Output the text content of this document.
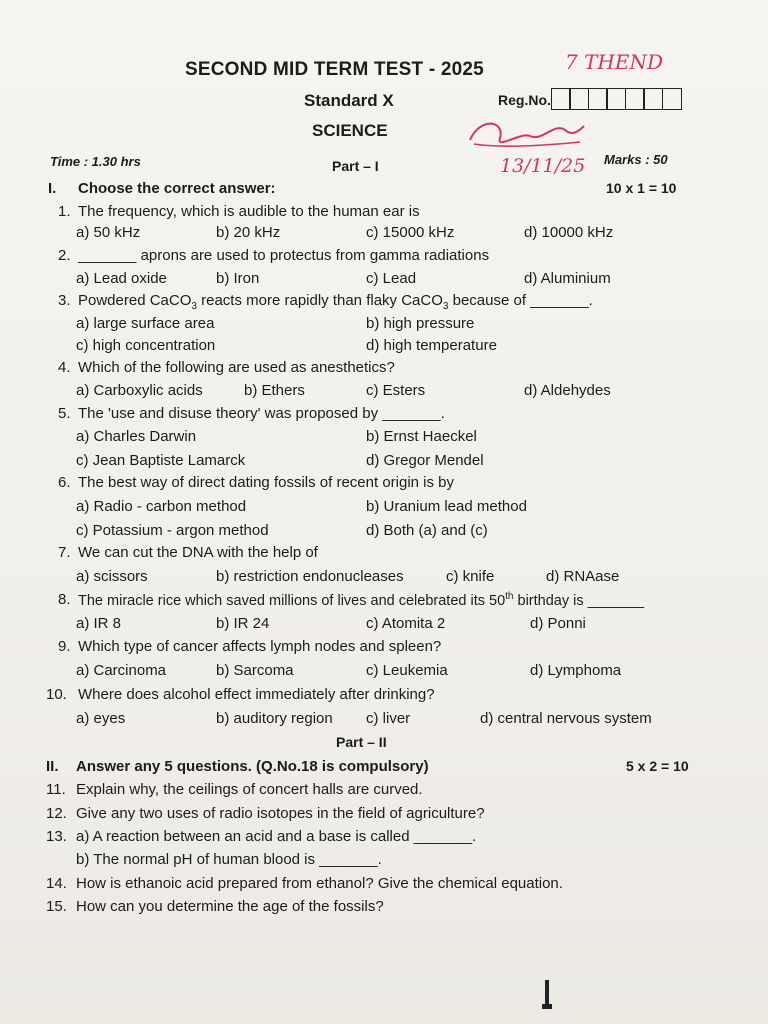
SECOND MID TERM TEST - 2025	7 THEND
Standard X	Reg.No.
SCIENCE
13/11/25
Time : 1.30 hrs	Part – I	Marks : 50
I. Choose the correct answer:	10 x 1 = 10
1. The frequency, which is audible to the human ear is
a) 50 kHz	b) 20 kHz	c) 15000 kHz	d) 10000 kHz
2. _______ aprons are used to protectus from gamma radiations
a) Lead oxide	b) Iron	c) Lead	d) Aluminium
3. Powdered CaCO$_3$ reacts more rapidly than flaky CaCO$_3$ because of _______.
a) large surface area	b) high pressure
c) high concentration	d) high temperature
4. Which of the following are used as anesthetics?
a) Carboxylic acids	b) Ethers	c) Esters	d) Aldehydes
5. The 'use and disuse theory' was proposed by _______.
a) Charles Darwin	b) Ernst Haeckel
c) Jean Baptiste Lamarck	d) Gregor Mendel
6. The best way of direct dating fossils of recent origin is by
a) Radio - carbon method	b) Uranium lead method
c) Potassium - argon method	d) Both (a) and (c)
7. We can cut the DNA with the help of
a) scissors	b) restriction endonucleases	c) knife	d) RNAase
8. The miracle rice which saved millions of lives and celebrated its 50th birthday is _______
a) IR 8	b) IR 24	c) Atomita 2	d) Ponni
9. Which type of cancer affects lymph nodes and spleen?
a) Carcinoma	b) Sarcoma	c) Leukemia	d) Lymphoma
10. Where does alcohol effect immediately after drinking?
a) eyes	b) auditory region c) liver	d) central nervous system
Part – II
II. Answer any 5 questions. (Q.No.18 is compulsory)	5 x 2 = 10
11. Explain why, the ceilings of concert halls are curved.
12. Give any two uses of radio isotopes in the field of agriculture?
13. a) A reaction between an acid and a base is called _______.
b) The normal pH of human blood is _______.
14. How is ethanoic acid prepared from ethanol? Give the chemical equation.
15. How can you determine the age of the fossils?
